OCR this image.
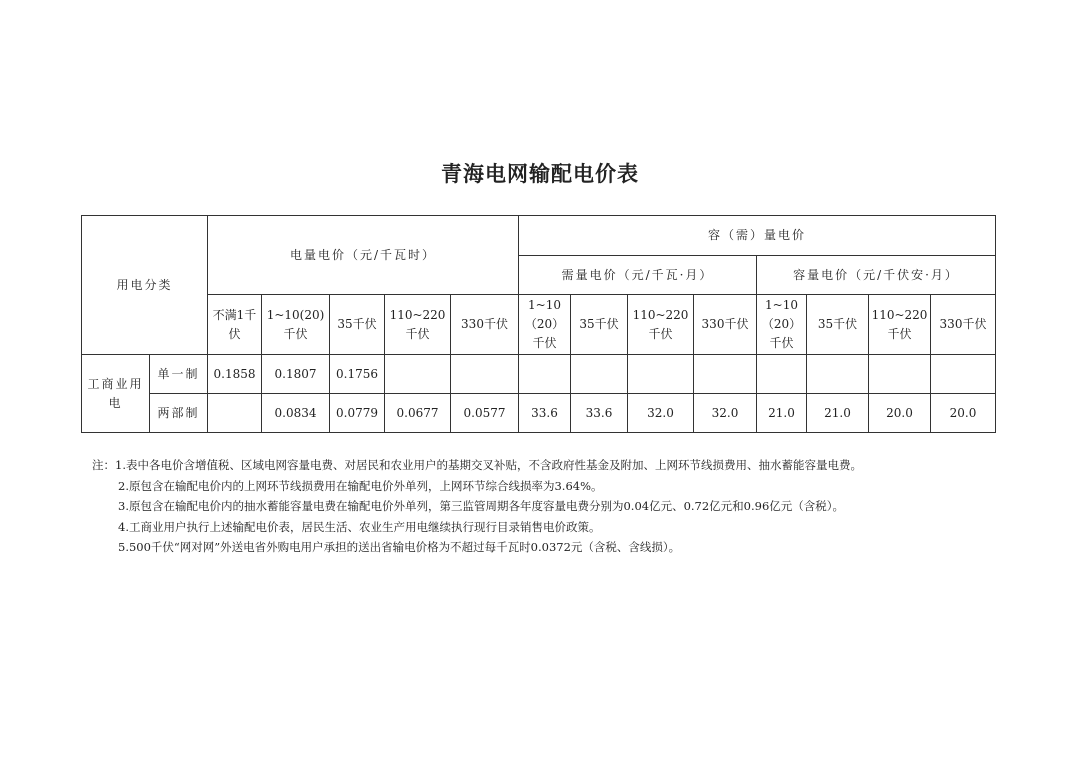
青海电网输配电价表
用电分类		电量电价（元/千瓦时）					容（需）量电价							
							需量电价（元/千瓦·月）				容量电价（元/千伏安·月）			
		不满1千伏	1~10(20)千伏	35千伏	110~220千伏	330千伏	1~10（20）千伏	35千伏	110~220千伏	330千伏	1~10（20）千伏	35千伏	110~220千伏	330千伏
工商业用电	单一制	0.1858	0.1807	0.1756										
	两部制		0.0834	0.0779	0.0677	0.0577	33.6	33.6	32.0	32.0	21.0	21.0	20.0	20.0
注：1.表中各电价含增值税、区域电网容量电费、对居民和农业用户的基期交叉补贴，不含政府性基金及附加、上网环节线损费用、抽水蓄能容量电费。
2.原包含在输配电价内的上网环节线损费用在输配电价外单列，上网环节综合线损率为3.64%。
3.原包含在输配电价内的抽水蓄能容量电费在输配电价外单列，第三监管周期各年度容量电费分别为0.04亿元、0.72亿元和0.96亿元（含税）。
4.工商业用户执行上述输配电价表，居民生活、农业生产用电继续执行现行目录销售电价政策。
5.500千伏“网对网”外送电省外购电用户承担的送出省输电价格为不超过每千瓦时0.0372元（含税、含线损）。
